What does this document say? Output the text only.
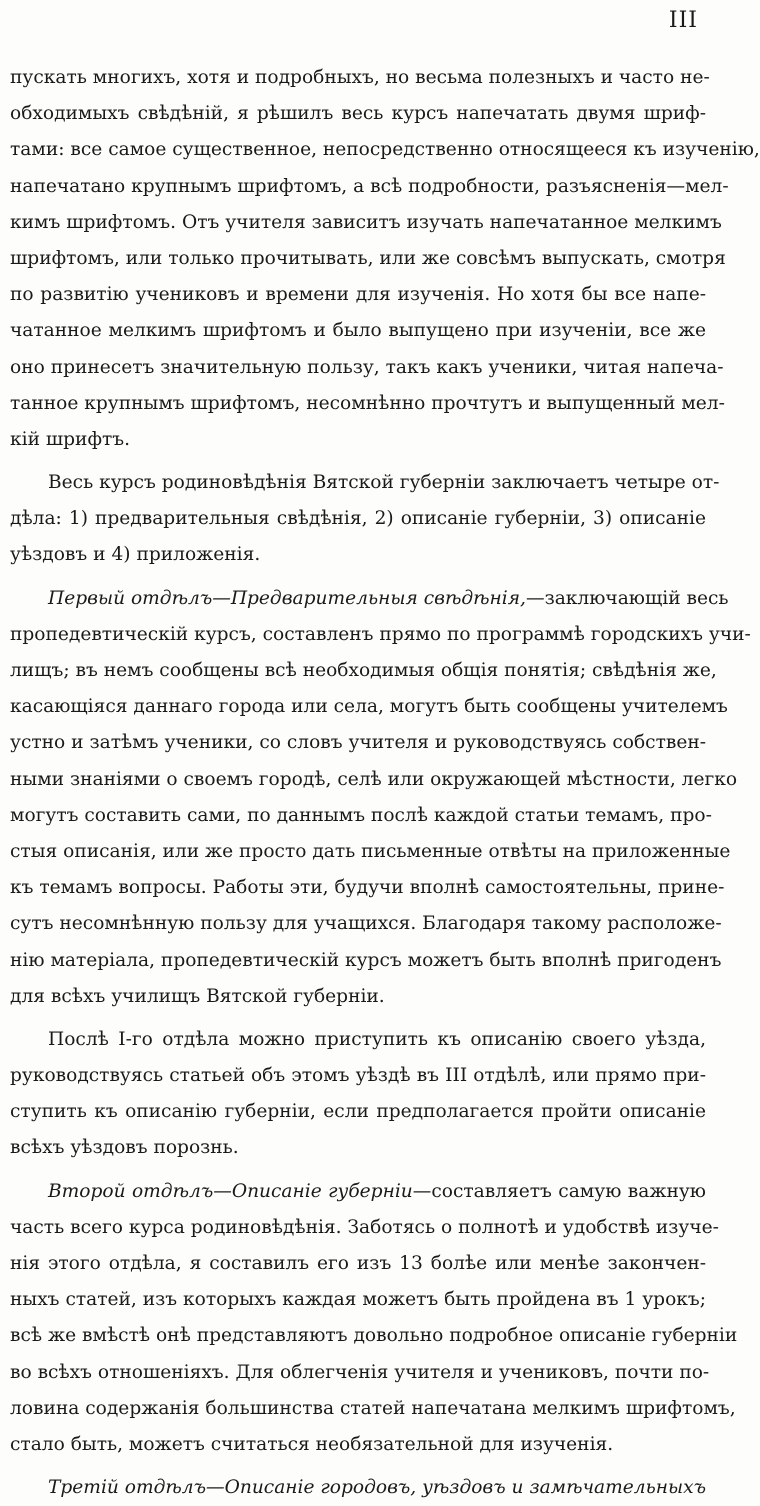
III
пускать многихъ, хотя и подробныхъ, но весьма полезныхъ и часто не-
обходимыхъ свѣдѣній, я рѣшилъ весь курсъ напечатать двумя шриф-
тами: все самое существенное, непосредственно относящееся къ изученію,
напечатано крупнымъ шрифтомъ, а всѣ подробности, разъясненія—мел-
кимъ шрифтомъ. Отъ учителя зависитъ изучать напечатанное мелкимъ
шрифтомъ, или только прочитывать, или же совсѣмъ выпускать, смотря
по развитію учениковъ и времени для изученія. Но хотя бы все напе-
чатанное мелкимъ шрифтомъ и было выпущено при изученіи, все же
оно принесетъ значительную пользу, такъ какъ ученики, читая напеча-
танное крупнымъ шрифтомъ, несомнѣнно прочтутъ и выпущенный мел-
кій шрифтъ.
Весь курсъ родиновѣдѣнія Вятской губерніи заключаетъ четыре от-
дѣла: 1) предварительныя свѣдѣнія, 2) описаніе губерніи, 3) описаніе
уѣздовъ и 4) приложенія.
Первый отдѣлъ—Предварительныя свѣдѣнія,—заключающій весь
пропедевтическій курсъ, составленъ прямо по программѣ городскихъ учи-
лищъ; въ немъ сообщены всѣ необходимыя общія понятія; свѣдѣнія же,
касающіяся даннаго города или села, могутъ быть сообщены учителемъ
устно и затѣмъ ученики, со словъ учителя и руководствуясь собствен-
ными знаніями о своемъ городѣ, селѣ или окружающей мѣстности, легко
могутъ составить сами, по даннымъ послѣ каждой статьи темамъ, про-
стыя описанія, или же просто дать письменные отвѣты на приложенные
къ темамъ вопросы. Работы эти, будучи вполнѣ самостоятельны, прине-
сутъ несомнѣнную пользу для учащихся. Благодаря такому расположе-
нію матеріала, пропедевтическій курсъ можетъ быть вполнѣ пригоденъ
для всѣхъ училищъ Вятской губерніи.
Послѣ I-го отдѣла можно приступить къ описанію своего уѣзда,
руководствуясь статьей объ этомъ уѣздѣ въ III отдѣлѣ, или прямо при-
ступить къ описанію губерніи, если предполагается пройти описаніе
всѣхъ уѣздовъ порознь.
Второй отдѣлъ—Описаніе губерніи—составляетъ самую важную
часть всего курса родиновѣдѣнія. Заботясь о полнотѣ и удобствѣ изуче-
нія этого отдѣла, я составилъ его изъ 13 болѣе или менѣе закончен-
ныхъ статей, изъ которыхъ каждая можетъ быть пройдена въ 1 урокъ;
всѣ же вмѣстѣ онѣ представляютъ довольно подробное описаніе губерніи
во всѣхъ отношеніяхъ. Для облегченія учителя и учениковъ, почти по-
ловина содержанія большинства статей напечатана мелкимъ шрифтомъ,
стало быть, можетъ считаться необязательной для изученія.
Третій отдѣлъ—Описаніе городовъ, уѣздовъ и замѣчательныхъ
